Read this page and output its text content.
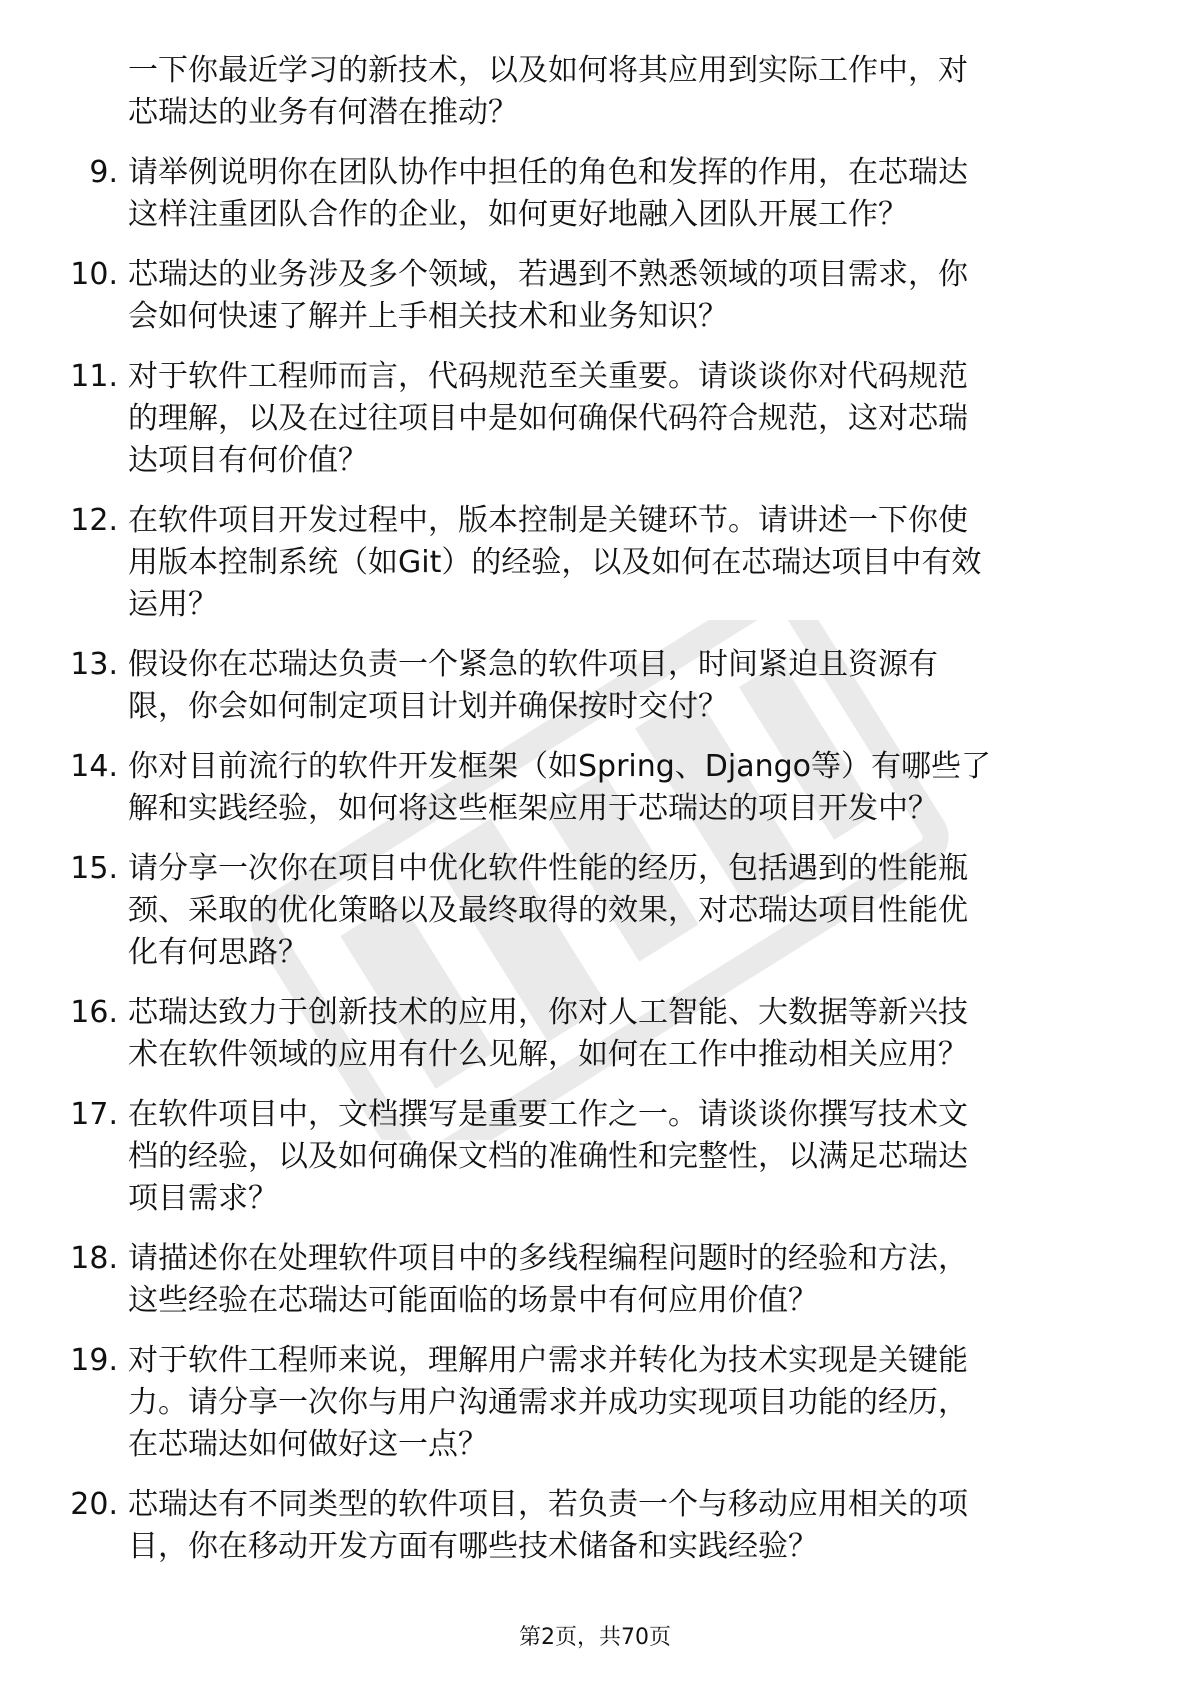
一下你最近学习的新技术，以及如何将其应用到实际工作中，对
芯瑞达的业务有何潜在推动？
9. 请举例说明你在团队协作中担任的角色和发挥的作用，在芯瑞达
这样注重团队合作的企业，如何更好地融入团队开展工作？
10. 芯瑞达的业务涉及多个领域，若遇到不熟悉领域的项目需求，你
会如何快速了解并上手相关技术和业务知识？
11. 对于软件工程师而言，代码规范至关重要。请谈谈你对代码规范
的理解，以及在过往项目中是如何确保代码符合规范，这对芯瑞
达项目有何价值？
12. 在软件项目开发过程中，版本控制是关键环节。请讲述一下你使
用版本控制系统（如Git）的经验，以及如何在芯瑞达项目中有效
运用？
13. 假设你在芯瑞达负责一个紧急的软件项目，时间紧迫且资源有
限，你会如何制定项目计划并确保按时交付？
14. 你对目前流行的软件开发框架（如Spring、Django等）有哪些了
解和实践经验，如何将这些框架应用于芯瑞达的项目开发中？
15. 请分享一次你在项目中优化软件性能的经历，包括遇到的性能瓶
颈、采取的优化策略以及最终取得的效果，对芯瑞达项目性能优
化有何思路？
16. 芯瑞达致力于创新技术的应用，你对人工智能、大数据等新兴技
术在软件领域的应用有什么见解，如何在工作中推动相关应用？
17. 在软件项目中，文档撰写是重要工作之一。请谈谈你撰写技术文
档的经验，以及如何确保文档的准确性和完整性，以满足芯瑞达
项目需求？
18. 请描述你在处理软件项目中的多线程编程问题时的经验和方法，
这些经验在芯瑞达可能面临的场景中有何应用价值？
19. 对于软件工程师来说，理解用户需求并转化为技术实现是关键能
力。请分享一次你与用户沟通需求并成功实现项目功能的经历，
在芯瑞达如何做好这一点？
20. 芯瑞达有不同类型的软件项目，若负责一个与移动应用相关的项
目，你在移动开发方面有哪些技术储备和实践经验？
第2页，共70页
